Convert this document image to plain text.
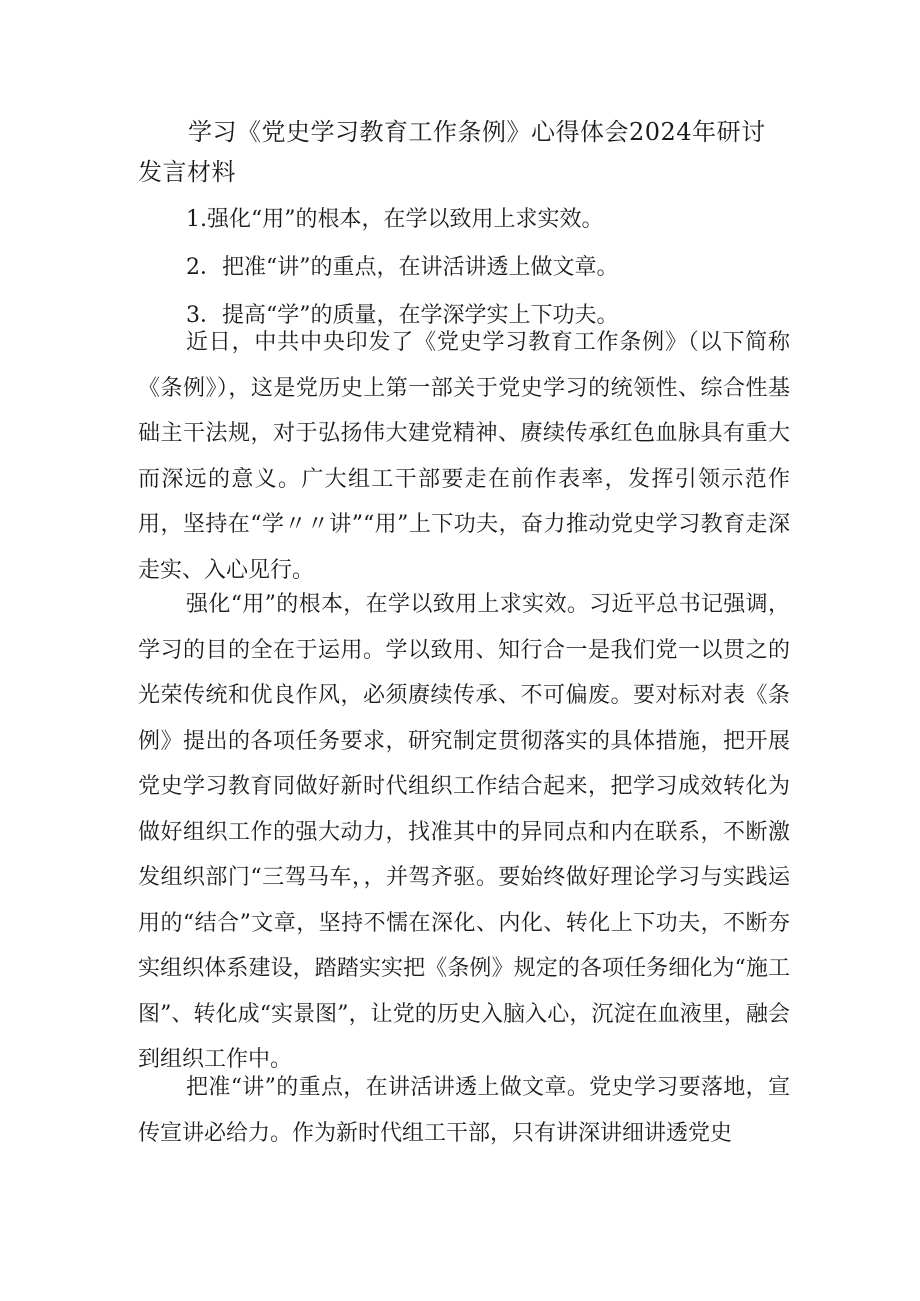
学习《党史学习教育工作条例》心得体会2024年研讨发言材料
1.强化“用”的根本，在学以致用上求实效。
2．把准“讲”的重点，在讲活讲透上做文章。
3．提高“学”的质量，在学深学实上下功夫。

近日，中共中央印发了《党史学习教育工作条例》（以下简称《条例》），这是党历史上第一部关于党史学习的统领性、综合性基础主干法规，对于弘扬伟大建党精神、赓续传承红色血脉具有重大而深远的意义。广大组工干部要走在前作表率，发挥引领示范作用，坚持在“学〃〃讲”“用”上下功夫，奋力推动党史学习教育走深走实、入心见行。

强化“用”的根本，在学以致用上求实效。习近平总书记强调，学习的目的全在于运用。学以致用、知行合一是我们党一以贯之的光荣传统和优良作风，必须赓续传承、不可偏废。要对标对表《条例》提出的各项任务要求，研究制定贯彻落实的具体措施，把开展党史学习教育同做好新时代组织工作结合起来，把学习成效转化为做好组织工作的强大动力，找准其中的异同点和内在联系，不断激发组织部门“三驾马车，，并驾齐驱。要始终做好理论学习与实践运用的“结合”文章，坚持不懦在深化、内化、转化上下功夫，不断夯实组织体系建设，踏踏实实把《条例》规定的各项任务细化为“施工图”、转化成“实景图”，让党的历史入脑入心，沉淀在血液里，融会到组织工作中。

把准“讲”的重点，在讲活讲透上做文章。党史学习要落地，宣传宣讲必给力。作为新时代组工干部，只有讲深讲细讲透党史
